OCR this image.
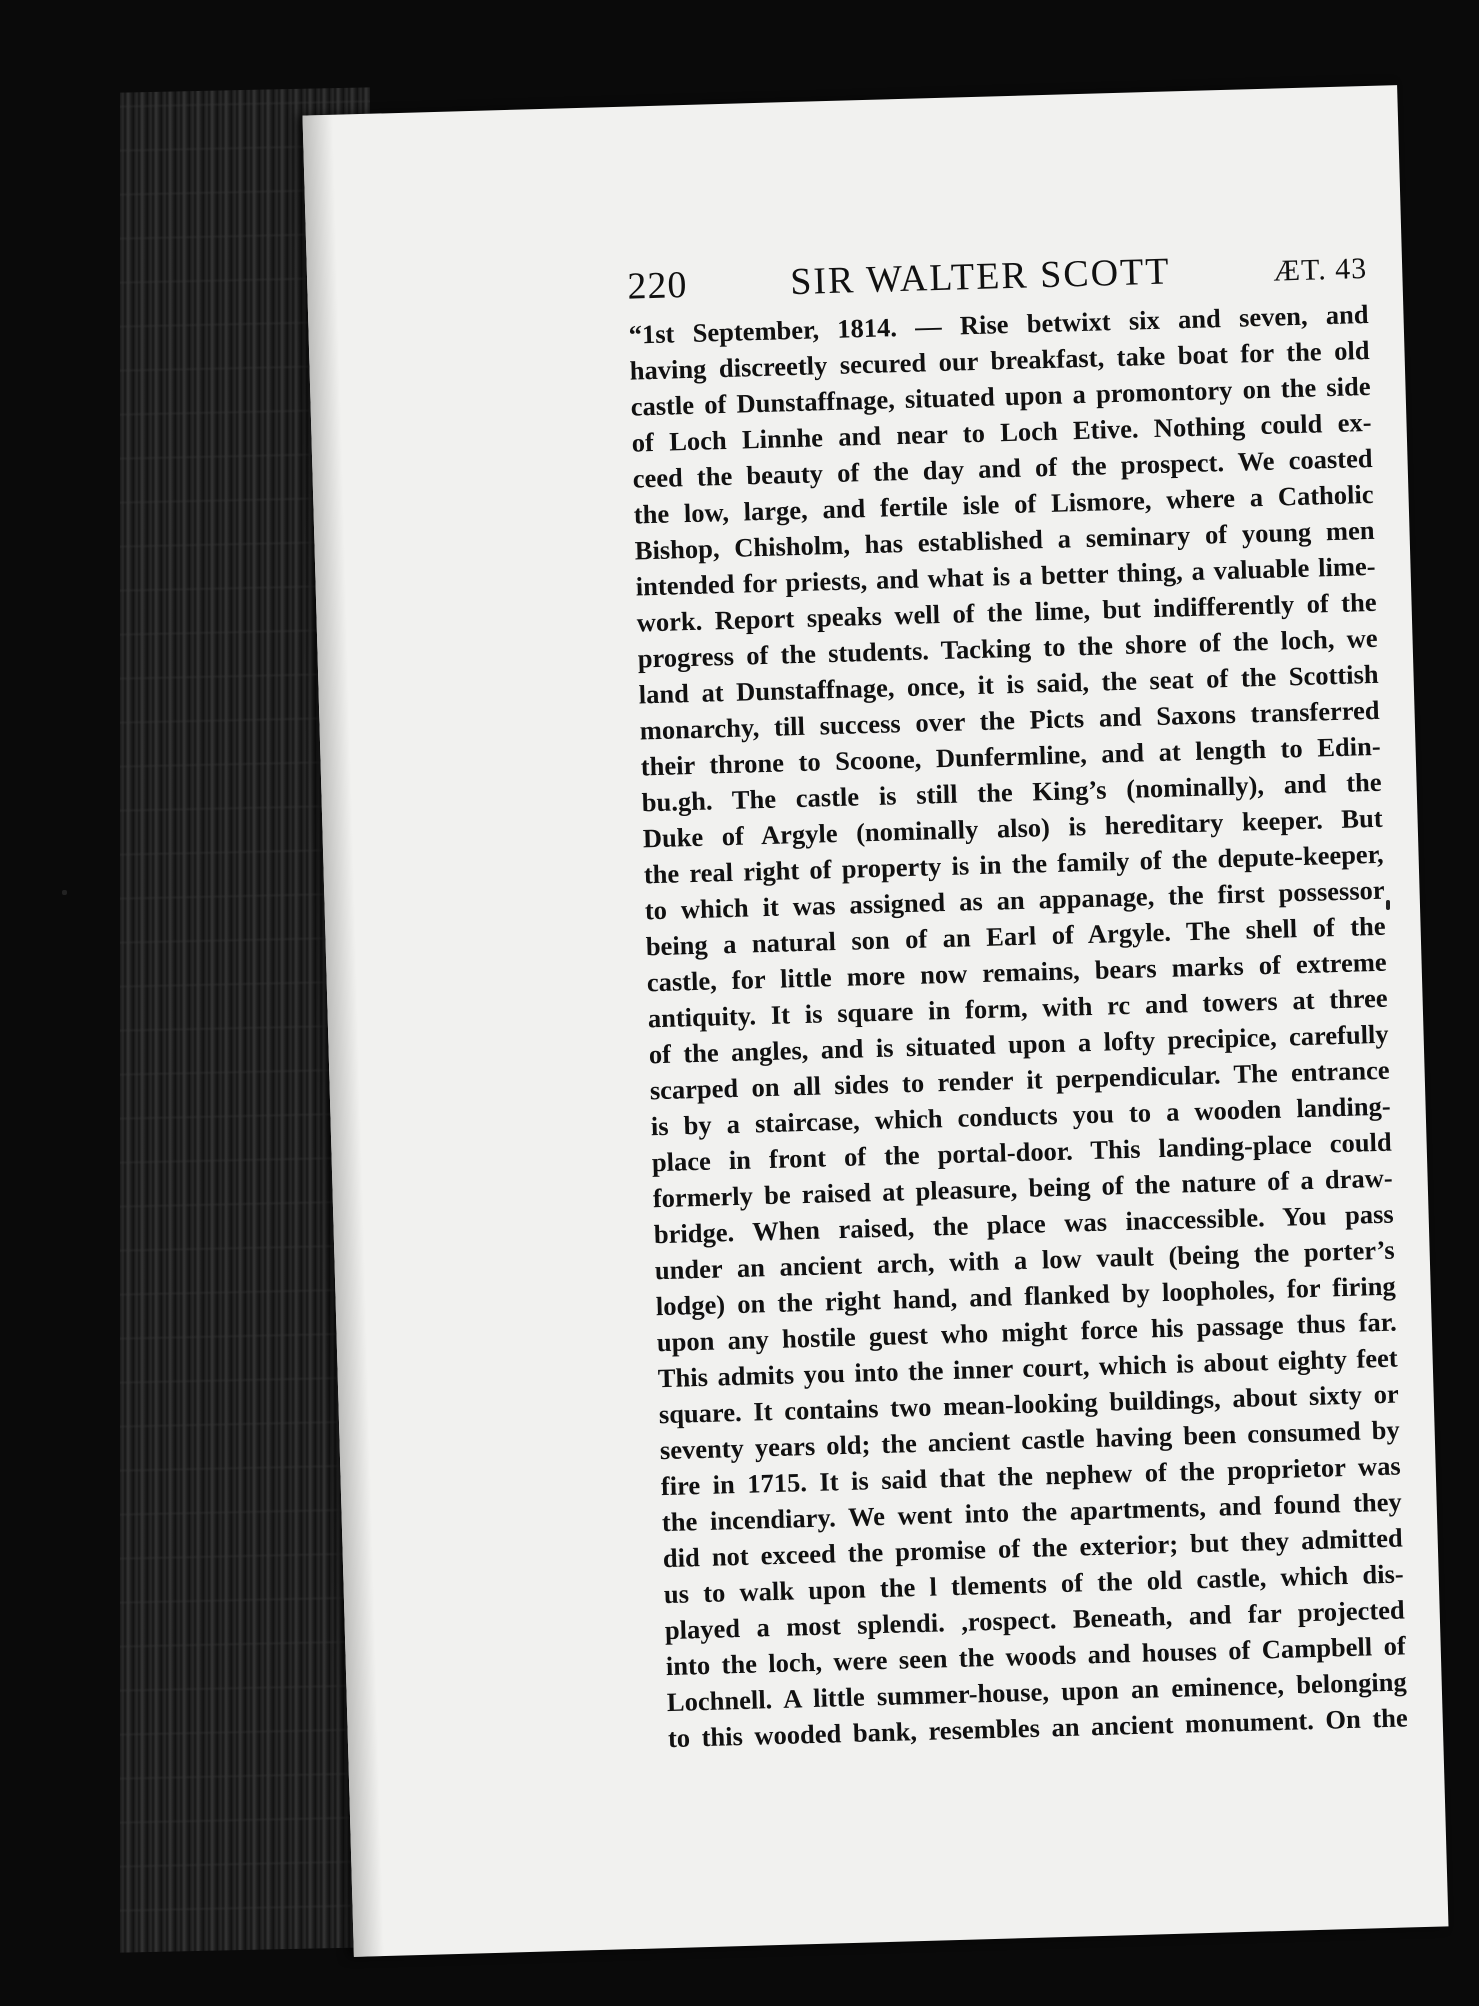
220	SIR WALTER SCOTT	ÆT. 43

“1st September, 1814. — Rise betwixt six and seven, and

having discreetly secured our breakfast, take boat for the old

castle of Dunstaffnage, situated upon a promontory on the side

of Loch Linnhe and near to Loch Etive. Nothing could ex-

ceed the beauty of the day and of the prospect. We coasted

the low, large, and fertile isle of Lismore, where a Catholic

Bishop, Chisholm, has established a seminary of young men

intended for priests, and what is a better thing, a valuable lime-

work. Report speaks well of the lime, but indifferently of the

progress of the students. Tacking to the shore of the loch, we

land at Dunstaffnage, once, it is said, the seat of the Scottish

monarchy, till success over the Picts and Saxons transferred

their throne to Scoone, Dunfermline, and at length to Edin-

bu.gh. The castle is still the King’s (nominally), and the

Duke of Argyle (nominally also) is hereditary keeper. But

the real right of property is in the family of the depute-keeper,

to which it was assigned as an appanage, the first possessor

being a natural son of an Earl of Argyle. The shell of the

castle, for little more now remains, bears marks of extreme

antiquity. It is square in form, with rc and towers at three

of the angles, and is situated upon a lofty precipice, carefully

scarped on all sides to render it perpendicular. The entrance

is by a staircase, which conducts you to a wooden landing-

place in front of the portal-door. This landing-place could

formerly be raised at pleasure, being of the nature of a draw-

bridge. When raised, the place was inaccessible. You pass

under an ancient arch, with a low vault (being the porter’s

lodge) on the right hand, and flanked by loopholes, for firing

upon any hostile guest who might force his passage thus far.

This admits you into the inner court, which is about eighty feet

square. It contains two mean-looking buildings, about sixty or

seventy years old; the ancient castle having been consumed by

fire in 1715. It is said that the nephew of the proprietor was

the incendiary. We went into the apartments, and found they

did not exceed the promise of the exterior; but they admitted

us to walk upon the l tlements of the old castle, which dis-

played a most splendi. ,rospect. Beneath, and far projected

into the loch, were seen the woods and houses of Campbell of

Lochnell. A little summer-house, upon an eminence, belonging

to this wooded bank, resembles an ancient monument. On the
